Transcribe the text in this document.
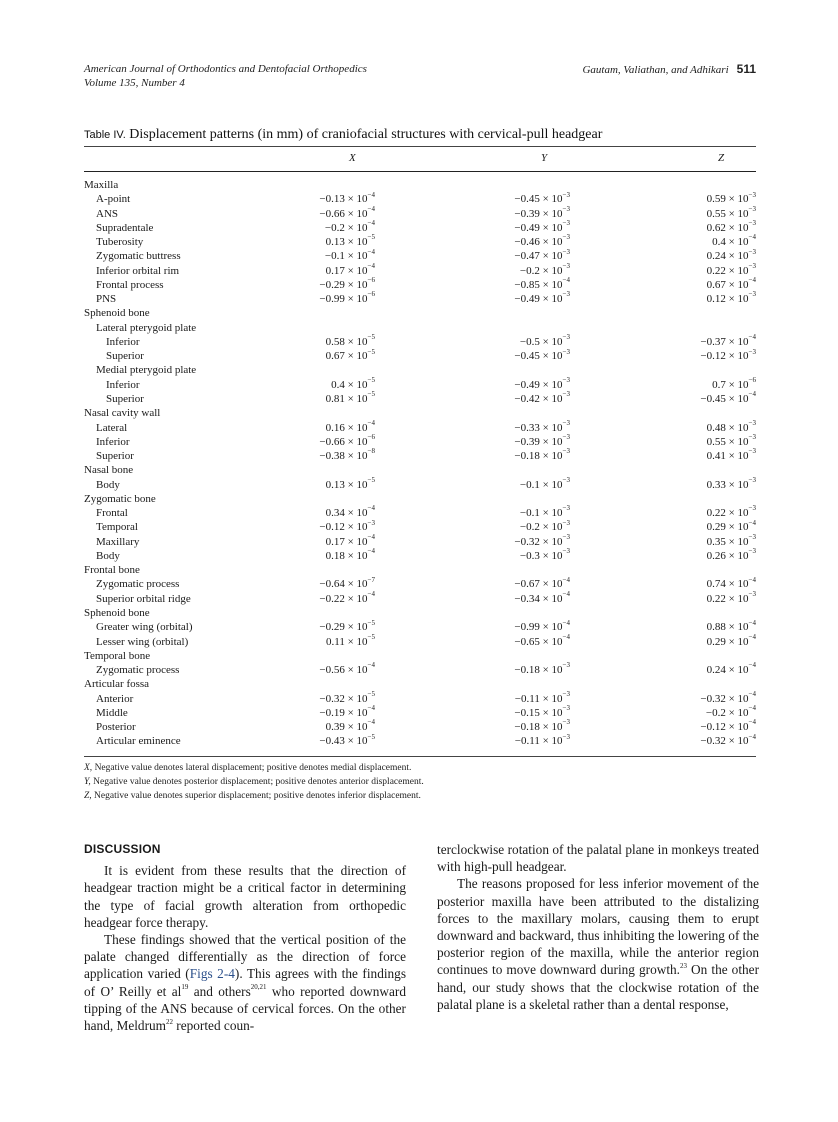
American Journal of Orthodontics and Dentofacial Orthopedics
Volume 135, Number 4
Gautam, Valiathan, and Adhikari 511
Table IV. Displacement patterns (in mm) of craniofacial structures with cervical-pull headgear
X	Y	Z
Maxilla
A-point	$-0.13 \times 10^{-4}$	$-0.45 \times 10^{-3}$	$0.59 \times 10^{-3}$
ANS	$-0.66 \times 10^{-4}$	$-0.39 \times 10^{-3}$	$0.55 \times 10^{-3}$
Supradentale	$-0.2 \times 10^{-4}$	$-0.49 \times 10^{-3}$	$0.62 \times 10^{-3}$
Tuberosity	$0.13 \times 10^{-5}$	$-0.46 \times 10^{-3}$	$0.4 \times 10^{-4}$
Zygomatic buttress	$-0.1 \times 10^{-4}$	$-0.47 \times 10^{-3}$	$0.24 \times 10^{-3}$
Inferior orbital rim	$0.17 \times 10^{-4}$	$-0.2 \times 10^{-3}$	$0.22 \times 10^{-3}$
Frontal process	$-0.29 \times 10^{-6}$	$-0.85 \times 10^{-4}$	$0.67 \times 10^{-4}$
PNS	$-0.99 \times 10^{-6}$	$-0.49 \times 10^{-3}$	$0.12 \times 10^{-3}$
Sphenoid bone
Lateral pterygoid plate
Inferior	$0.58 \times 10^{-5}$	$-0.5 \times 10^{-3}$	$-0.37 \times 10^{-4}$
Superior	$0.67 \times 10^{-5}$	$-0.45 \times 10^{-3}$	$-0.12 \times 10^{-3}$
Medial pterygoid plate
Inferior	$0.4 \times 10^{-5}$	$-0.49 \times 10^{-3}$	$0.7 \times 10^{-6}$
Superior	$0.81 \times 10^{-5}$	$-0.42 \times 10^{-3}$	$-0.45 \times 10^{-4}$
Nasal cavity wall
Lateral	$0.16 \times 10^{-4}$	$-0.33 \times 10^{-3}$	$0.48 \times 10^{-3}$
Inferior	$-0.66 \times 10^{-6}$	$-0.39 \times 10^{-3}$	$0.55 \times 10^{-3}$
Superior	$-0.38 \times 10^{-8}$	$-0.18 \times 10^{-3}$	$0.41 \times 10^{-3}$
Nasal bone
Body	$0.13 \times 10^{-5}$	$-0.1 \times 10^{-3}$	$0.33 \times 10^{-3}$
Zygomatic bone
Frontal	$0.34 \times 10^{-4}$	$-0.1 \times 10^{-3}$	$0.22 \times 10^{-3}$
Temporal	$-0.12 \times 10^{-3}$	$-0.2 \times 10^{-3}$	$0.29 \times 10^{-4}$
Maxillary	$0.17 \times 10^{-4}$	$-0.32 \times 10^{-3}$	$0.35 \times 10^{-3}$
Body	$0.18 \times 10^{-4}$	$-0.3 \times 10^{-3}$	$0.26 \times 10^{-3}$
Frontal bone
Zygomatic process	$-0.64 \times 10^{-7}$	$-0.67 \times 10^{-4}$	$0.74 \times 10^{-4}$
Superior orbital ridge	$-0.22 \times 10^{-4}$	$-0.34 \times 10^{-4}$	$0.22 \times 10^{-3}$
Sphenoid bone
Greater wing (orbital)	$-0.29 \times 10^{-5}$	$-0.99 \times 10^{-4}$	$0.88 \times 10^{-4}$
Lesser wing (orbital)	$0.11 \times 10^{-5}$	$-0.65 \times 10^{-4}$	$0.29 \times 10^{-4}$
Temporal bone
Zygomatic process	$-0.56 \times 10^{-4}$	$-0.18 \times 10^{-3}$	$0.24 \times 10^{-4}$
Articular fossa
Anterior	$-0.32 \times 10^{-5}$	$-0.11 \times 10^{-3}$	$-0.32 \times 10^{-4}$
Middle	$-0.19 \times 10^{-4}$	$-0.15 \times 10^{-3}$	$-0.2 \times 10^{-4}$
Posterior	$0.39 \times 10^{-4}$	$-0.18 \times 10^{-3}$	$-0.12 \times 10^{-4}$
Articular eminence	$-0.43 \times 10^{-5}$	$-0.11 \times 10^{-3}$	$-0.32 \times 10^{-4}$
X, Negative value denotes lateral displacement; positive denotes medial displacement.
Y, Negative value denotes posterior displacement; positive denotes anterior displacement.
Z, Negative value denotes superior displacement; positive denotes inferior displacement.
DISCUSSION

It is evident from these results that the direction of headgear traction might be a critical factor in determining the type of facial growth alteration from orthopedic headgear force therapy.

These findings showed that the vertical position of the palate changed differentially as the direction of force application varied (Figs 2-4). This agrees with the findings of O’ Reilly et $al^{19}$ and others$^{20,21}$ who reported downward tipping of the ANS because of cervical forces. On the other hand, Meldrum$^{22}$ reported coun-

terclockwise rotation of the palatal plane in monkeys treated with high-pull headgear.

The reasons proposed for less inferior movement of the posterior maxilla have been attributed to the distalizing forces to the maxillary molars, causing them to erupt downward and backward, thus inhibiting the lowering of the posterior region of the maxilla, while the anterior region continues to move downward during growth.$^{23}$ On the other hand, our study shows that the clockwise rotation of the palatal plane is a skeletal rather than a dental response,
